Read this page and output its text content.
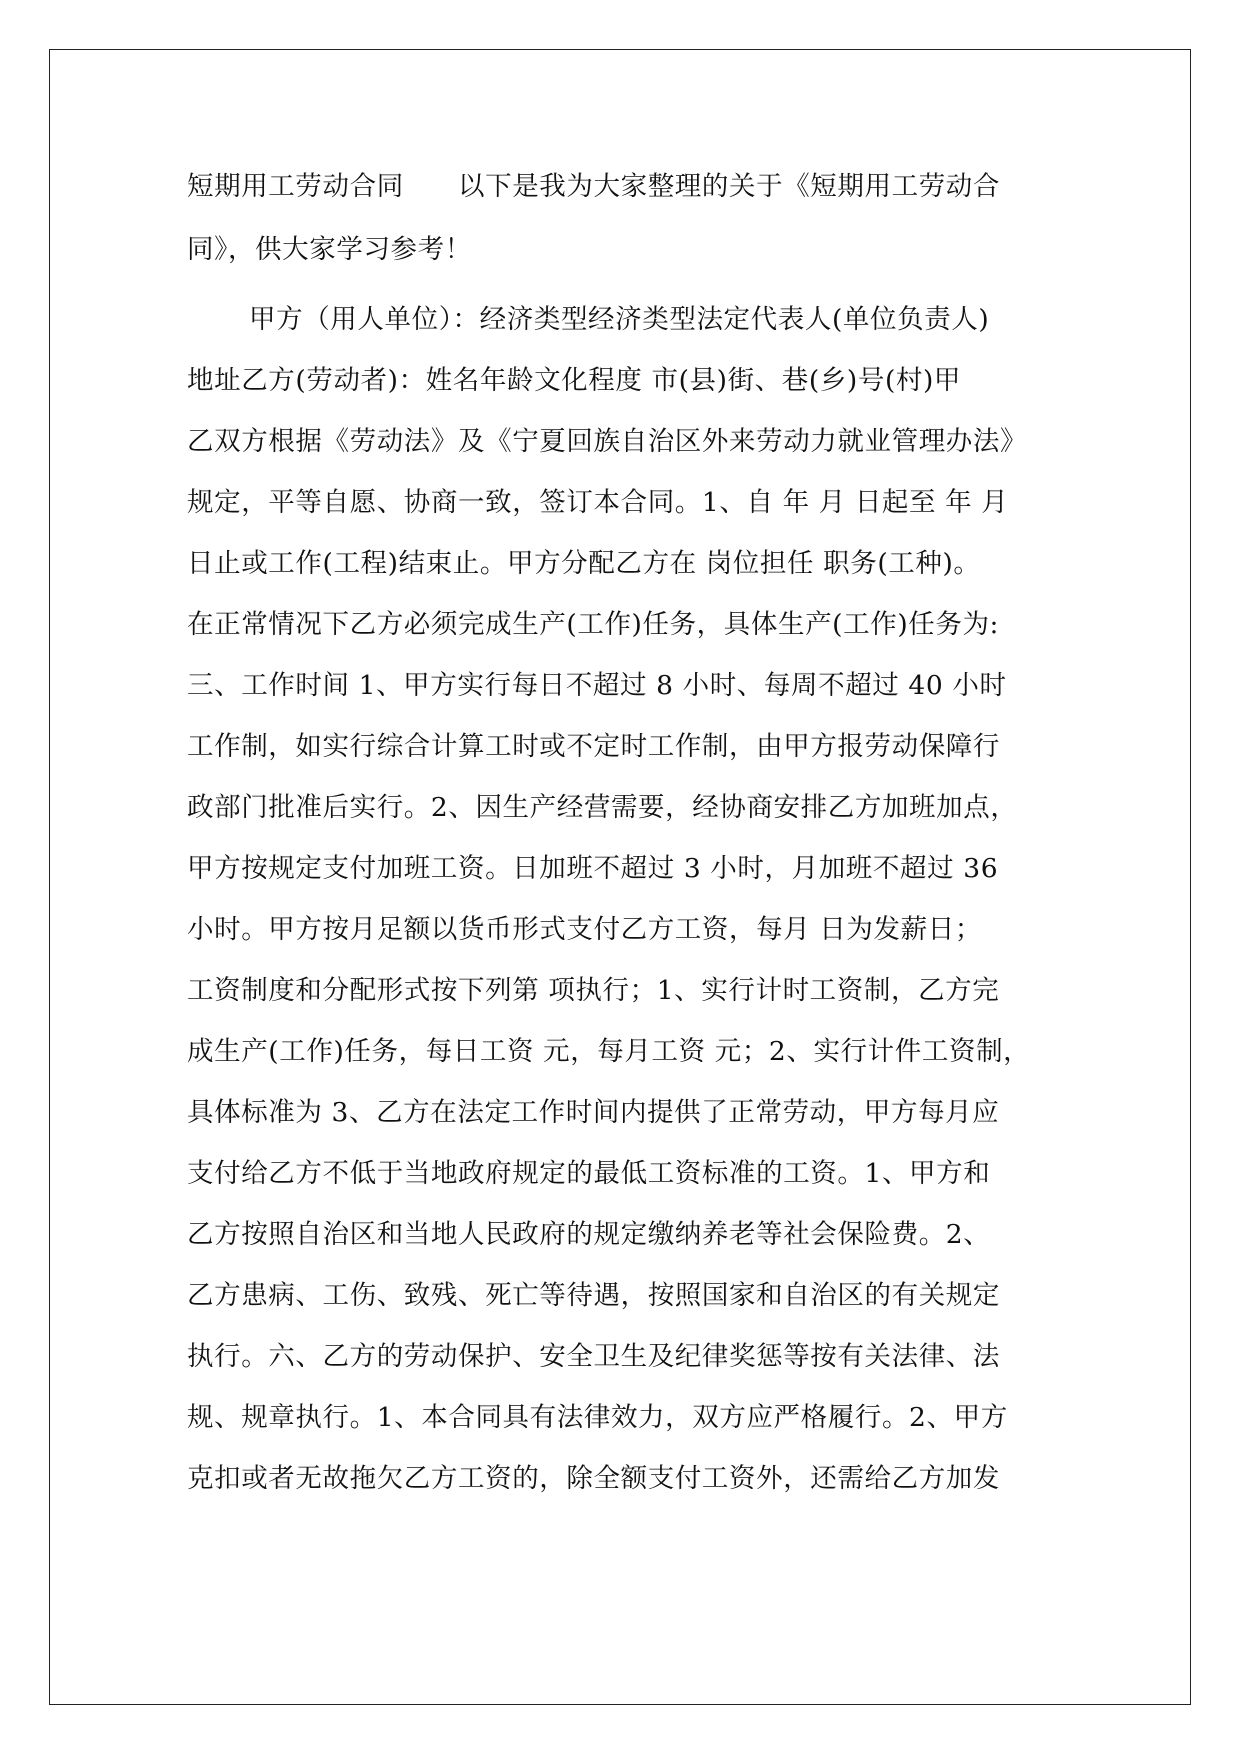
短期用工劳动合同　　以下是我为大家整理的关于《短期用工劳动合
同》，供大家学习参考！
甲方（用人单位）：经济类型经济类型法定代表人(单位负责人)
地址乙方(劳动者)：姓名年龄文化程度 市(县)街、巷(乡)号(村)甲
乙双方根据《劳动法》及《宁夏回族自治区外来劳动力就业管理办法》
规定，平等自愿、协商一致，签订本合同。1、自 年 月 日起至 年 月
日止或工作(工程)结束止。甲方分配乙方在 岗位担任 职务(工种)。
在正常情况下乙方必须完成生产(工作)任务，具体生产(工作)任务为:
三、工作时间 1、甲方实行每日不超过 8 小时、每周不超过 40 小时
工作制，如实行综合计算工时或不定时工作制，由甲方报劳动保障行
政部门批准后实行。2、因生产经营需要，经协商安排乙方加班加点，
甲方按规定支付加班工资。日加班不超过 3 小时，月加班不超过 36
小时。甲方按月足额以货币形式支付乙方工资，每月 日为发薪日；
工资制度和分配形式按下列第 项执行；1、实行计时工资制，乙方完
成生产(工作)任务，每日工资 元，每月工资 元；2、实行计件工资制，
具体标准为 3、乙方在法定工作时间内提供了正常劳动，甲方每月应
支付给乙方不低于当地政府规定的最低工资标准的工资。1、甲方和
乙方按照自治区和当地人民政府的规定缴纳养老等社会保险费。2、
乙方患病、工伤、致残、死亡等待遇，按照国家和自治区的有关规定
执行。六、乙方的劳动保护、安全卫生及纪律奖惩等按有关法律、法
规、规章执行。1、本合同具有法律效力，双方应严格履行。2、甲方
克扣或者无故拖欠乙方工资的，除全额支付工资外，还需给乙方加发
